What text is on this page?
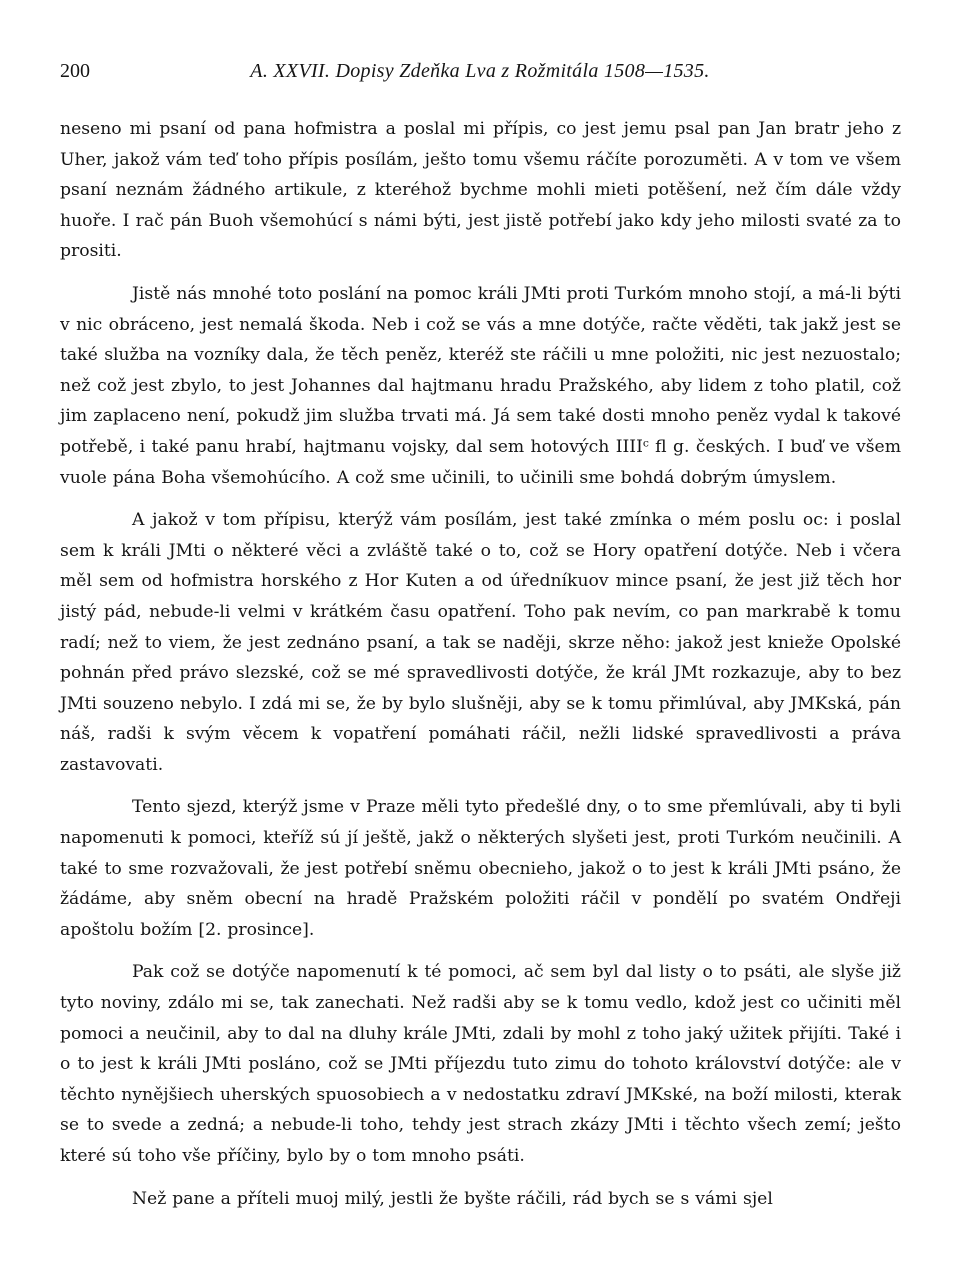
200	A. XXVII. Dopisy Zdeňka Lva z Rožmitála 1508—1535.

neseno mi psaní od pana hofmistra a poslal mi přípis, co jest jemu psal pan Jan bratr jeho z Uher, jakož vám teď toho přípis posílám, ješto tomu všemu ráčíte porozuměti. A v tom ve všem psaní neznám žádného artikule, z kteréhož bychme mohli mieti potěšení, než čím dále vždy huoře. I rač pán Buoh všemohúcí s námi býti, jest jistě potřebí jako kdy jeho milosti svaté za to prositi.

Jistě nás mnohé toto poslání na pomoc králi JMti proti Turkóm mnoho stojí, a má-li býti v nic obráceno, jest nemalá škoda. Neb i což se vás a mne dotýče, račte věděti, tak jakž jest se také služba na vozníky dala, že těch peněz, kteréž ste ráčili u mne položiti, nic jest nezuostalo; než což jest zbylo, to jest Johannes dal hajtmanu hradu Pražského, aby lidem z toho platil, což jim zaplaceno není, pokudž jim služba trvati má. Já sem také dosti mnoho peněz vydal k takové potřebě, i také panu hrabí, hajtmanu vojsky, dal sem hotových IIIIᶜ fl g. českých. I buď ve všem vuole pána Boha všemohúcího. A což sme učinili, to učinili sme bohdá dobrým úmyslem.

A jakož v tom přípisu, kterýž vám posílám, jest také zmínka o mém poslu oc: i poslal sem k králi JMti o některé věci a zvláště také o to, což se Hory opatření dotýče. Neb i včera měl sem od hofmistra horského z Hor Kuten a od úředníkuov mince psaní, že jest již těch hor jistý pád, nebude-li velmi v krátkém času opatření. Toho pak nevím, co pan markrabě k tomu radí; než to viem, že jest zednáno psaní, a tak se naději, skrze něho: jakož jest knieže Opolské pohnán před právo slezské, což se mé spravedlivosti dotýče, že král JMt rozkazuje, aby to bez JMti souzeno nebylo. I zdá mi se, že by bylo slušněji, aby se k tomu přimlúval, aby JMKská, pán náš, radši k svým věcem k vopatření pomáhati ráčil, nežli lidské spravedlivosti a práva zastavovati.

Tento sjezd, kterýž jsme v Praze měli tyto předešlé dny, o to sme přemlúvali, aby ti byli napomenuti k pomoci, kteříž sú jí ještě, jakž o některých slyšeti jest, proti Turkóm neučinili. A také to sme rozvažovali, že jest potřebí sněmu obecnieho, jakož o to jest k králi JMti psáno, že žádáme, aby sněm obecní na hradě Pražském položiti ráčil v pondělí po svatém Ondřeji apoštolu božím [2. prosince].

Pak což se dotýče napomenutí k té pomoci, ač sem byl dal listy o to psáti, ale slyše již tyto noviny, zdálo mi se, tak zanechati. Než radši aby se k tomu vedlo, kdož jest co učiniti měl pomoci a neučinil, aby to dal na dluhy krále JMti, zdali by mohl z toho jaký užitek přijíti. Také i o to jest k králi JMti posláno, což se JMti příjezdu tuto zimu do tohoto království dotýče: ale v těchto nynějšiech uherských spuosobiech a v nedostatku zdraví JMKské, na boží milosti, kterak se to svede a zedná; a nebude-li toho, tehdy jest strach zkázy JMti i těchto všech zemí; ješto které sú toho vše příčiny, bylo by o tom mnoho psáti.

Než pane a příteli muoj milý, jestli že byšte ráčili, rád bych se s vámi sjel
